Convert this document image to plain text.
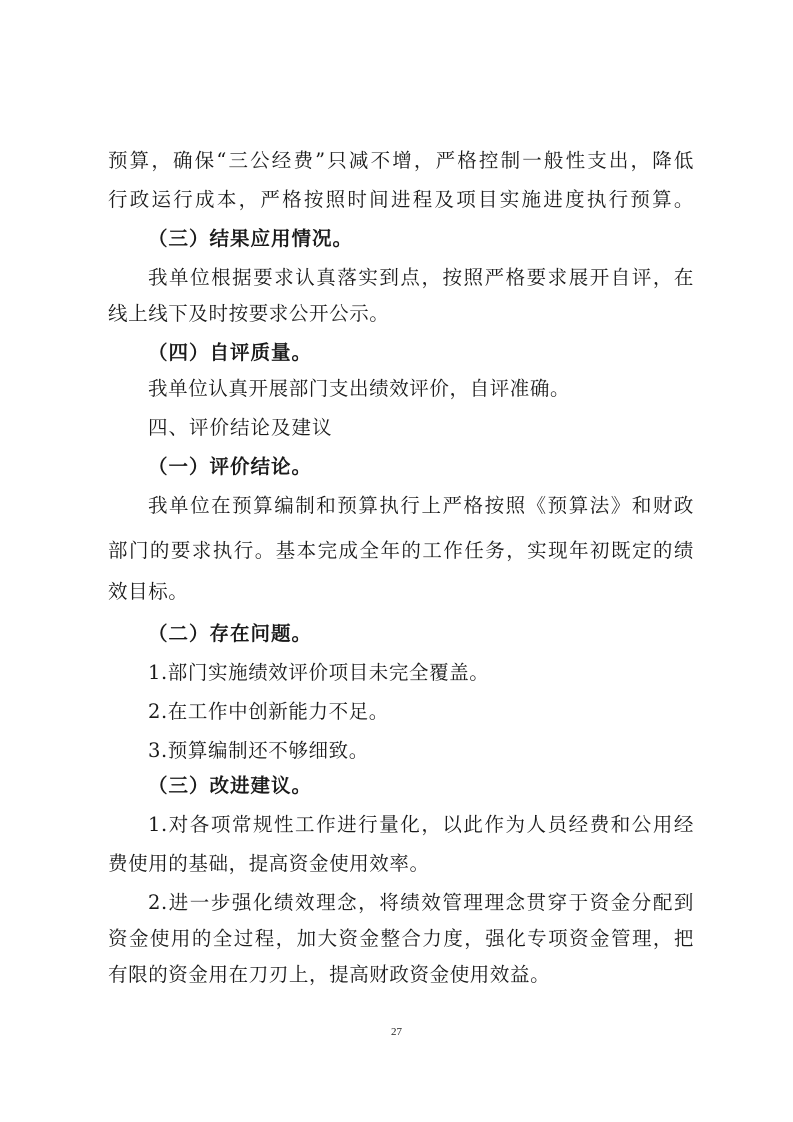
预算，确保“三公经费”只减不增，严格控制一般性支出，降低
行政运行成本，严格按照时间进程及项目实施进度执行预算。
（三）结果应用情况。
我单位根据要求认真落实到点，按照严格要求展开自评，在
线上线下及时按要求公开公示。
（四）自评质量。
我单位认真开展部门支出绩效评价，自评准确。
四、评价结论及建议
（一）评价结论。
我单位在预算编制和预算执行上严格按照《预算法》和财政
部门的要求执行。基本完成全年的工作任务，实现年初既定的绩
效目标。
（二）存在问题。
1.部门实施绩效评价项目未完全覆盖。
2.在工作中创新能力不足。
3.预算编制还不够细致。
（三）改进建议。
1.对各项常规性工作进行量化，以此作为人员经费和公用经
费使用的基础，提高资金使用效率。
2.进一步强化绩效理念，将绩效管理理念贯穿于资金分配到
资金使用的全过程，加大资金整合力度，强化专项资金管理，把
有限的资金用在刀刃上，提高财政资金使用效益。
27
